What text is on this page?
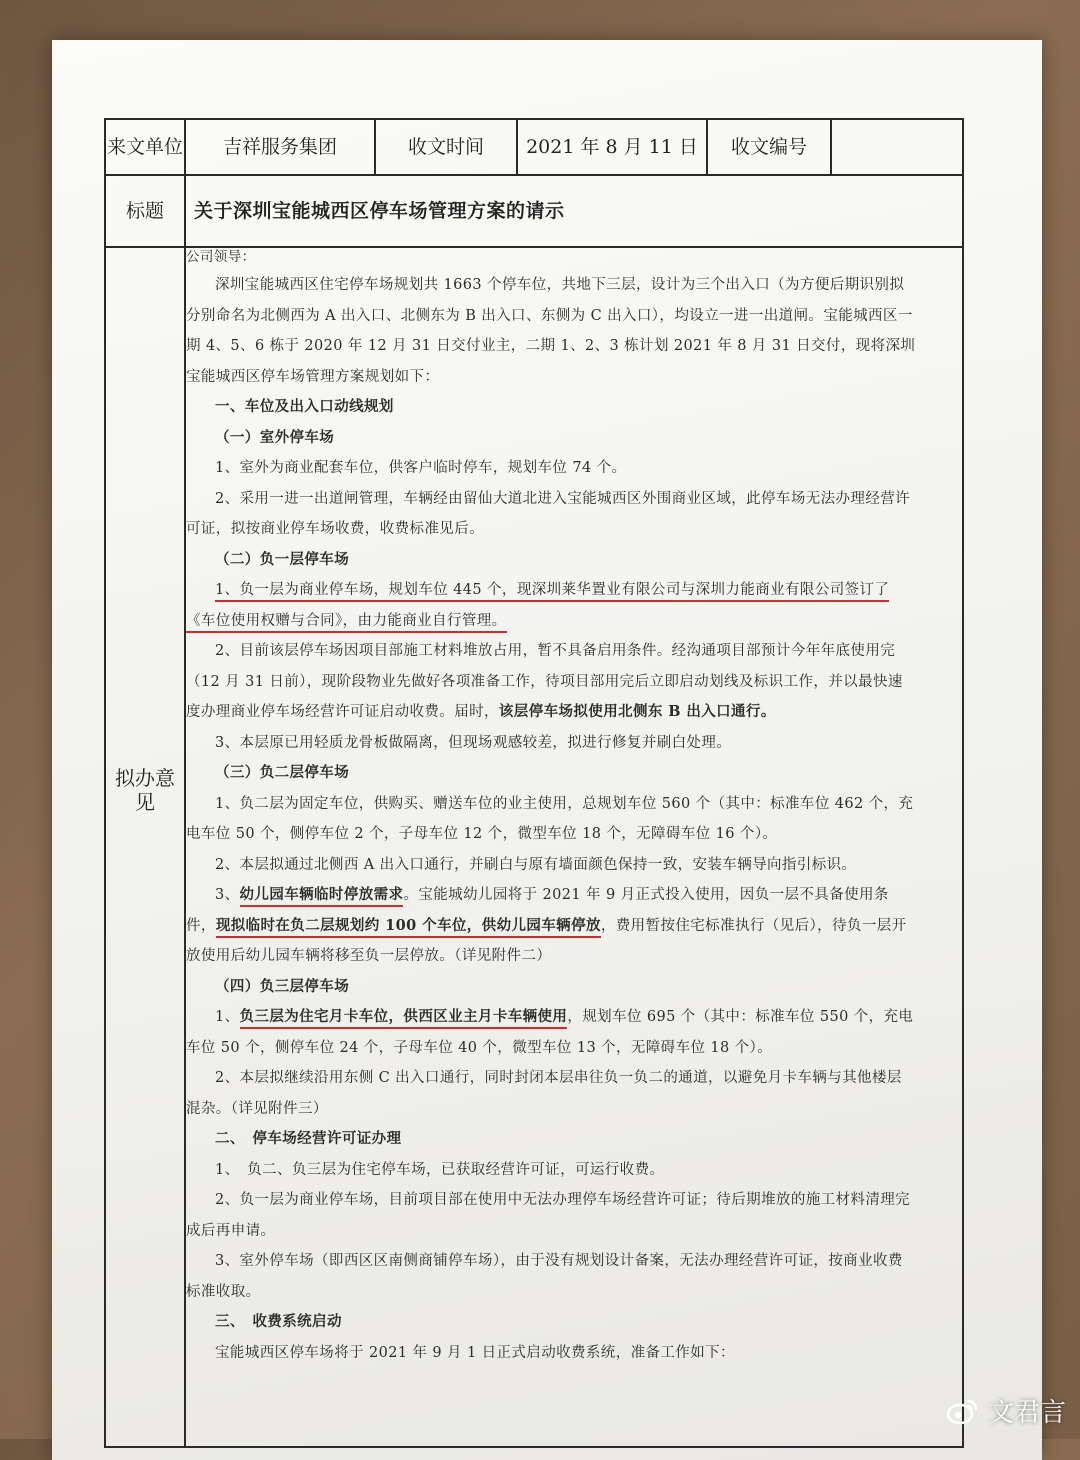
来文单位	吉祥服务集团	收文时间	2021 年 8 月 11 日	收文编号
标题	关于深圳宝能城西区停车场管理方案的请示
拟办意见

公司领导：

深圳宝能城西区住宅停车场规划共 1663 个停车位，共地下三层，设计为三个出入口（为方便后期识别拟分别命名为北侧西为 A 出入口、北侧东为 B 出入口、东侧为 C 出入口），均设立一进一出道闸。宝能城西区一期 4、5、6 栋于 2020 年 12 月 31 日交付业主，二期 1、2、3 栋计划 2021 年 8 月 31 日交付，现将深圳宝能城西区停车场管理方案规划如下：

一、车位及出入口动线规划

（一）室外停车场

1、室外为商业配套车位，供客户临时停车，规划车位 74 个。

2、采用一进一出道闸管理，车辆经由留仙大道北进入宝能城西区外围商业区域，此停车场无法办理经营许可证，拟按商业停车场收费，收费标准见后。

（二）负一层停车场

1、负一层为商业停车场，规划车位 445 个，现深圳莱华置业有限公司与深圳力能商业有限公司签订了《车位使用权赠与合同》，由力能商业自行管理。

2、目前该层停车场因项目部施工材料堆放占用，暂不具备启用条件。经沟通项目部预计今年年底使用完（12 月 31 日前），现阶段物业先做好各项准备工作，待项目部用完后立即启动划线及标识工作，并以最快速度办理商业停车场经营许可证启动收费。届时，该层停车场拟使用北侧东 B 出入口通行。

3、本层原已用轻质龙骨板做隔离，但现场观感较差，拟进行修复并刷白处理。

（三）负二层停车场

1、负二层为固定车位，供购买、赠送车位的业主使用，总规划车位 560 个（其中：标准车位 462 个，充电车位 50 个，侧停车位 2 个，子母车位 12 个，微型车位 18 个，无障碍车位 16 个）。

2、本层拟通过北侧西 A 出入口通行，并刷白与原有墙面颜色保持一致，安装车辆导向指引标识。

3、幼儿园车辆临时停放需求。宝能城幼儿园将于 2021 年 9 月正式投入使用，因负一层不具备使用条件，现拟临时在负二层规划约 100 个车位，供幼儿园车辆停放，费用暂按住宅标准执行（见后），待负一层开放使用后幼儿园车辆将移至负一层停放。（详见附件二）

（四）负三层停车场

1、负三层为住宅月卡车位，供西区业主月卡车辆使用，规划车位 695 个（其中：标准车位 550 个，充电车位 50 个，侧停车位 24 个，子母车位 40 个，微型车位 13 个，无障碍车位 18 个）。

2、本层拟继续沿用东侧 C 出入口通行，同时封闭本层串往负一负二的通道，以避免月卡车辆与其他楼层混杂。（详见附件三）

二、　停车场经营许可证办理

1、　负二、负三层为住宅停车场，已获取经营许可证，可运行收费。

2、负一层为商业停车场，目前项目部在使用中无法办理停车场经营许可证；待后期堆放的施工材料清理完成后再申请。

3、室外停车场（即西区区南侧商铺停车场），由于没有规划设计备案，无法办理经营许可证，按商业收费标准收取。

三、　收费系统启动

宝能城西区停车场将于 2021 年 9 月 1 日正式启动收费系统，准备工作如下：

文君言
